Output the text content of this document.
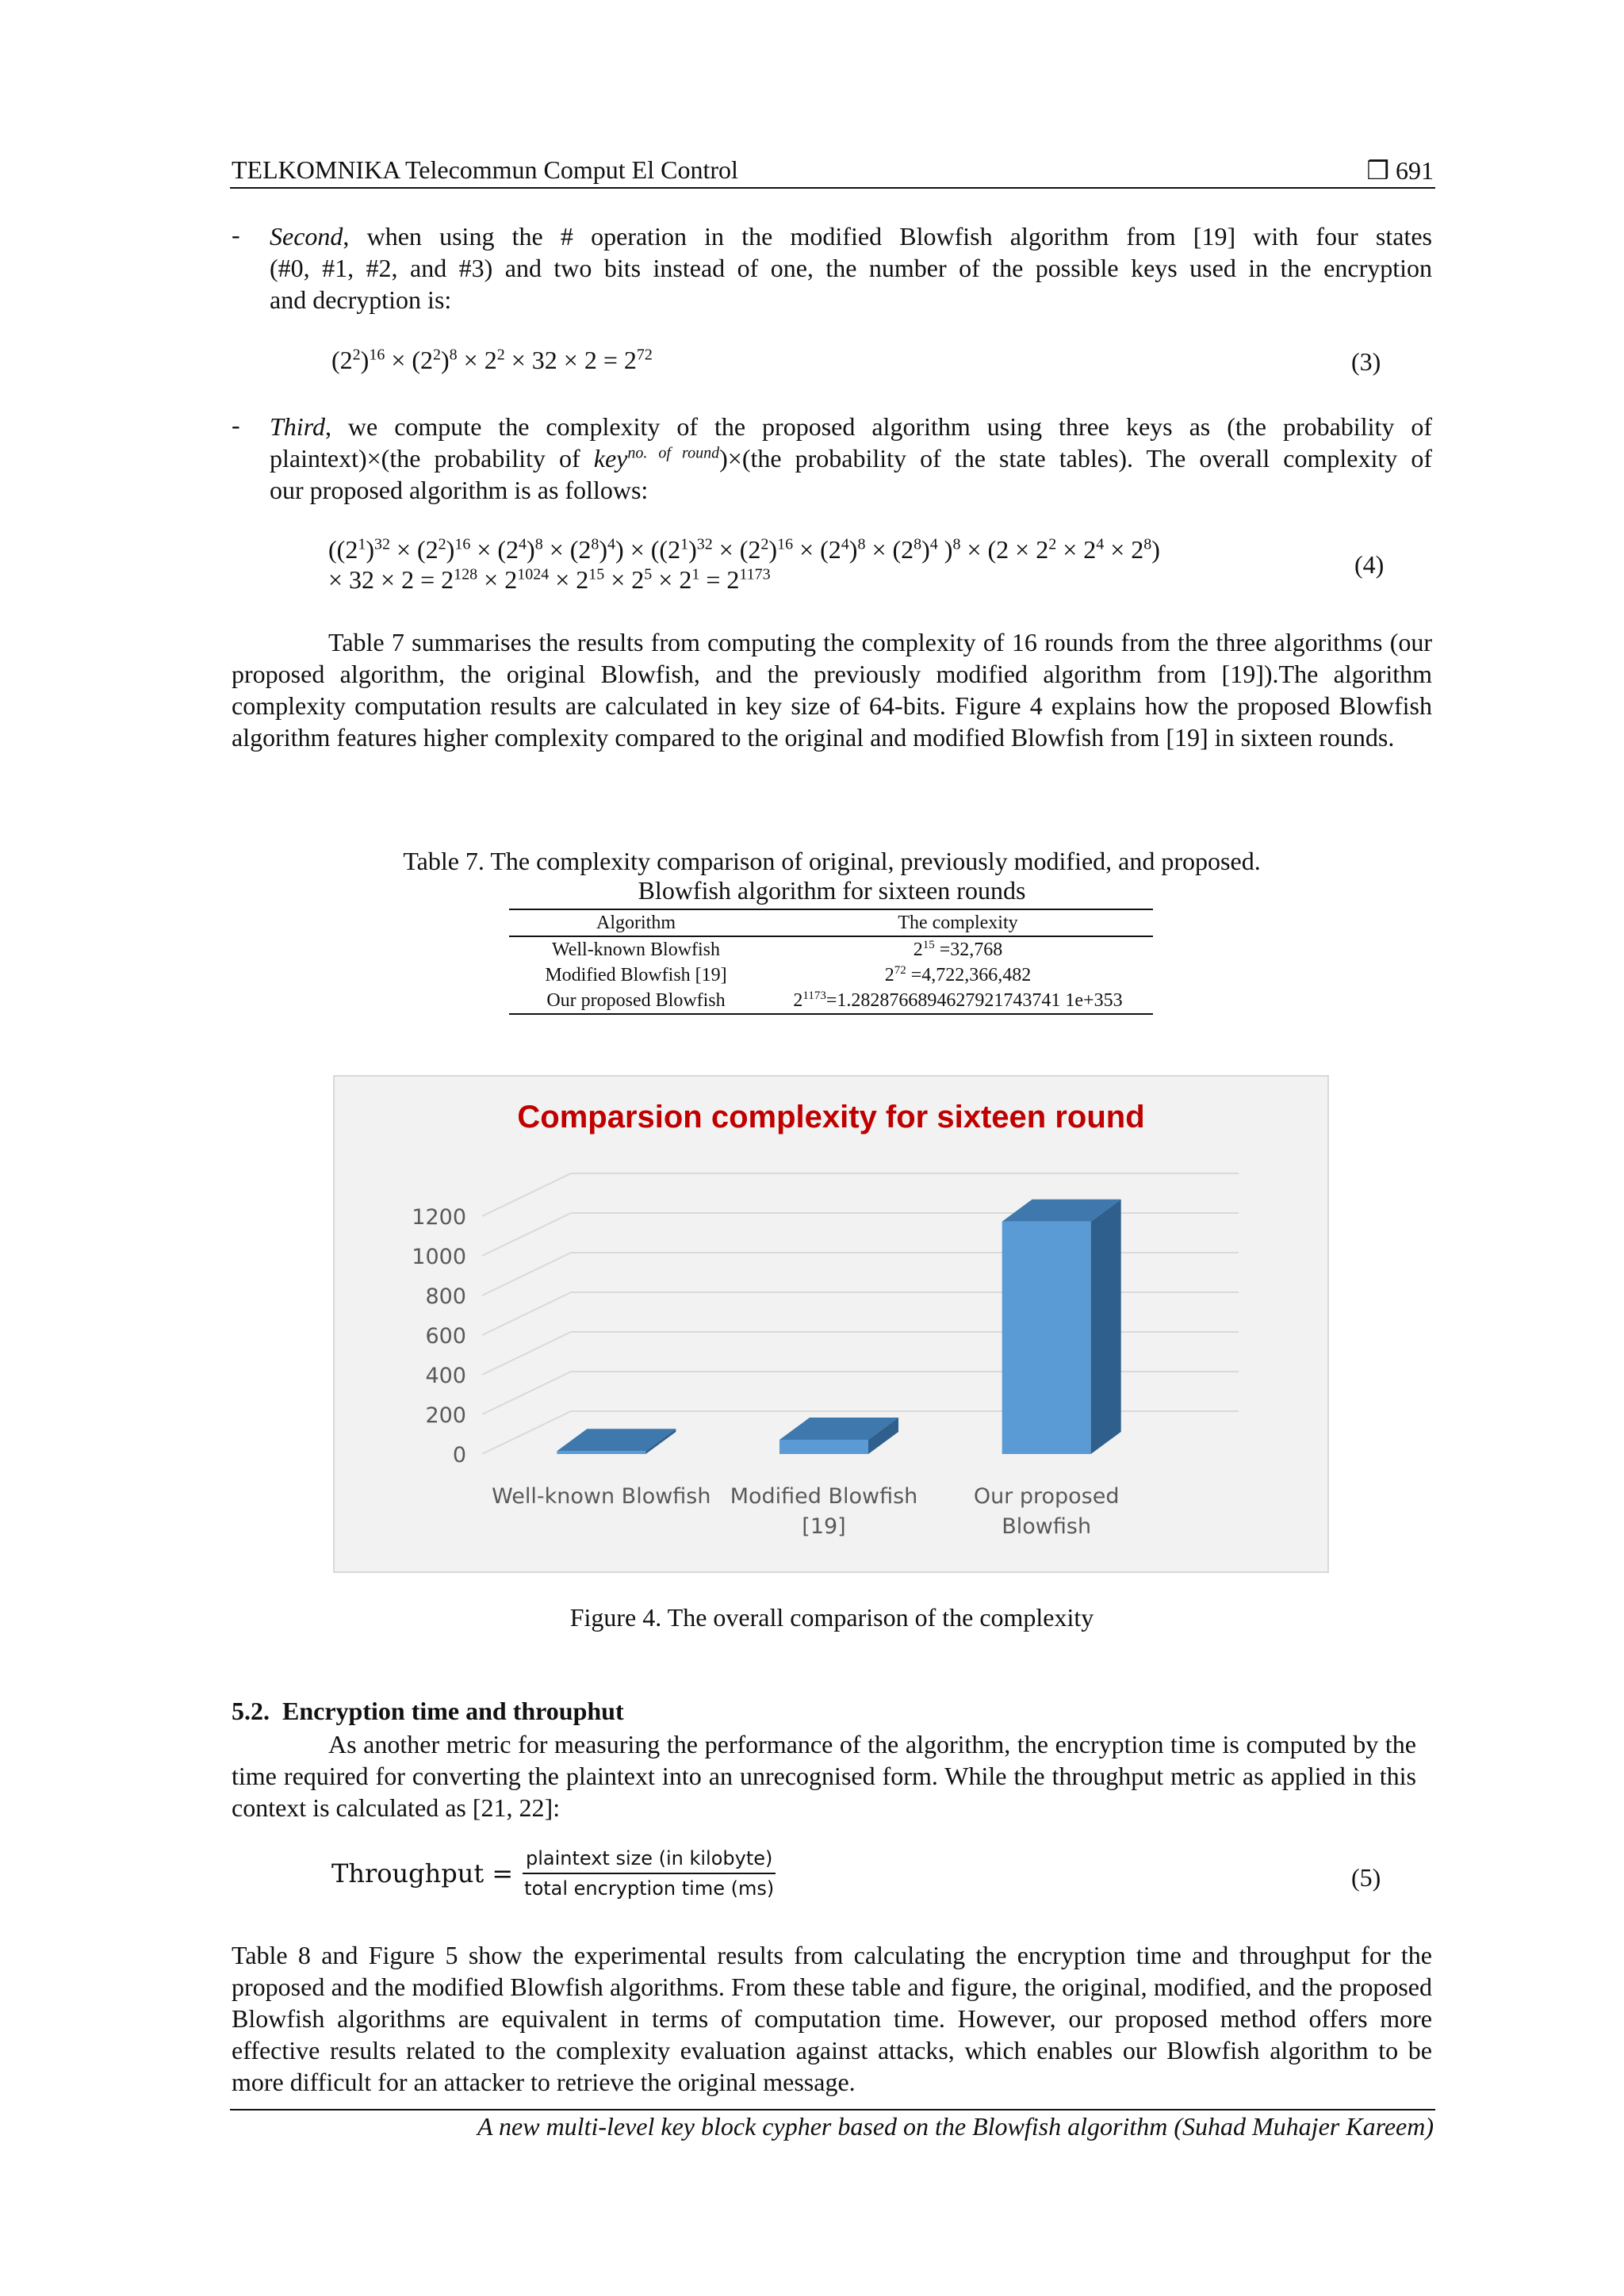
TELKOMNIKA Telecommun Comput El Control	❒ 691
- Second, when using the # operation in the modified Blowfish algorithm from [19] with four states
(#0, #1, #2, and #3) and two bits instead of one, the number of the possible keys used in the encryption
and decryption is:
$(2^2)^{16} \times (2^2)^8 \times 2^2 \times 32 \times 2 = 2^{72}$	(3)
- Third, we compute the complexity of the proposed algorithm using three keys as (the probability of
plaintext)×(the probability of key$^{no. of round}$)×(the probability of the state tables). The overall complexity of
our proposed algorithm is as follows:
$((2^1)^{32} \times (2^2)^{16} \times (2^4)^8 \times (2^8)^4) \times ((2^1)^{32} \times (2^2)^{16} \times (2^4)^8 \times (2^8)^4$ )$^8 \times (2 \times 2^2 \times 2^4 \times 2^8)$
× $32 \times 2 = 2^{128} \times 2^{1024} \times 2^{15} \times 2^5 \times 2^1 = 2^{1173}$	(4)
Table 7 summarises the results from computing the complexity of 16 rounds from the three algorithms (our proposed algorithm, the original Blowfish, and the previously modified algorithm from [19]).The algorithm complexity computation results are calculated in key size of 64-bits. Figure 4 explains how the proposed Blowfish algorithm features higher complexity compared to the original and modified Blowfish from [19] in sixteen rounds.
Table 7. The complexity comparison of original, previously modified, and proposed.
Blowfish algorithm for sixteen rounds
Algorithm	The complexity
Well-known Blowfish	$2^{15} =32,768$
Modified Blowfish [19]	$2^{72} =4,722,366,482$
Our proposed Blowfish	$2^{1173}=1.2828766894627921743741$ 1e+353
Comparsion complexity for sixteen round
0
200
400
600
800
1000
1200
Well-known Blowfish Modified Blowfish
[19]
Our proposed
Blowfish
Figure 4. The overall comparison of the complexity
5.2. Encryption time and throuphut
As another metric for measuring the performance of the algorithm, the encryption time is computed by the time required for converting the plaintext into an unrecognised form. While the throughput metric as applied in this context is calculated as [21, 22]:
Throughput = $\frac{\text{plaintext size (in kilobyte)}}{\text{total encryption time (ms)}}$	(5)
Table 8 and Figure 5 show the experimental results from calculating the encryption time and throughput for the proposed and the modified Blowfish algorithms. From these table and figure, the original, modified, and the proposed Blowfish algorithms are equivalent in terms of computation time. However, our proposed method offers more effective results related to the complexity evaluation against attacks, which enables our Blowfish algorithm to be more difficult for an attacker to retrieve the original message.
A new multi-level key block cypher based on the Blowfish algorithm (Suhad Muhajer Kareem)
